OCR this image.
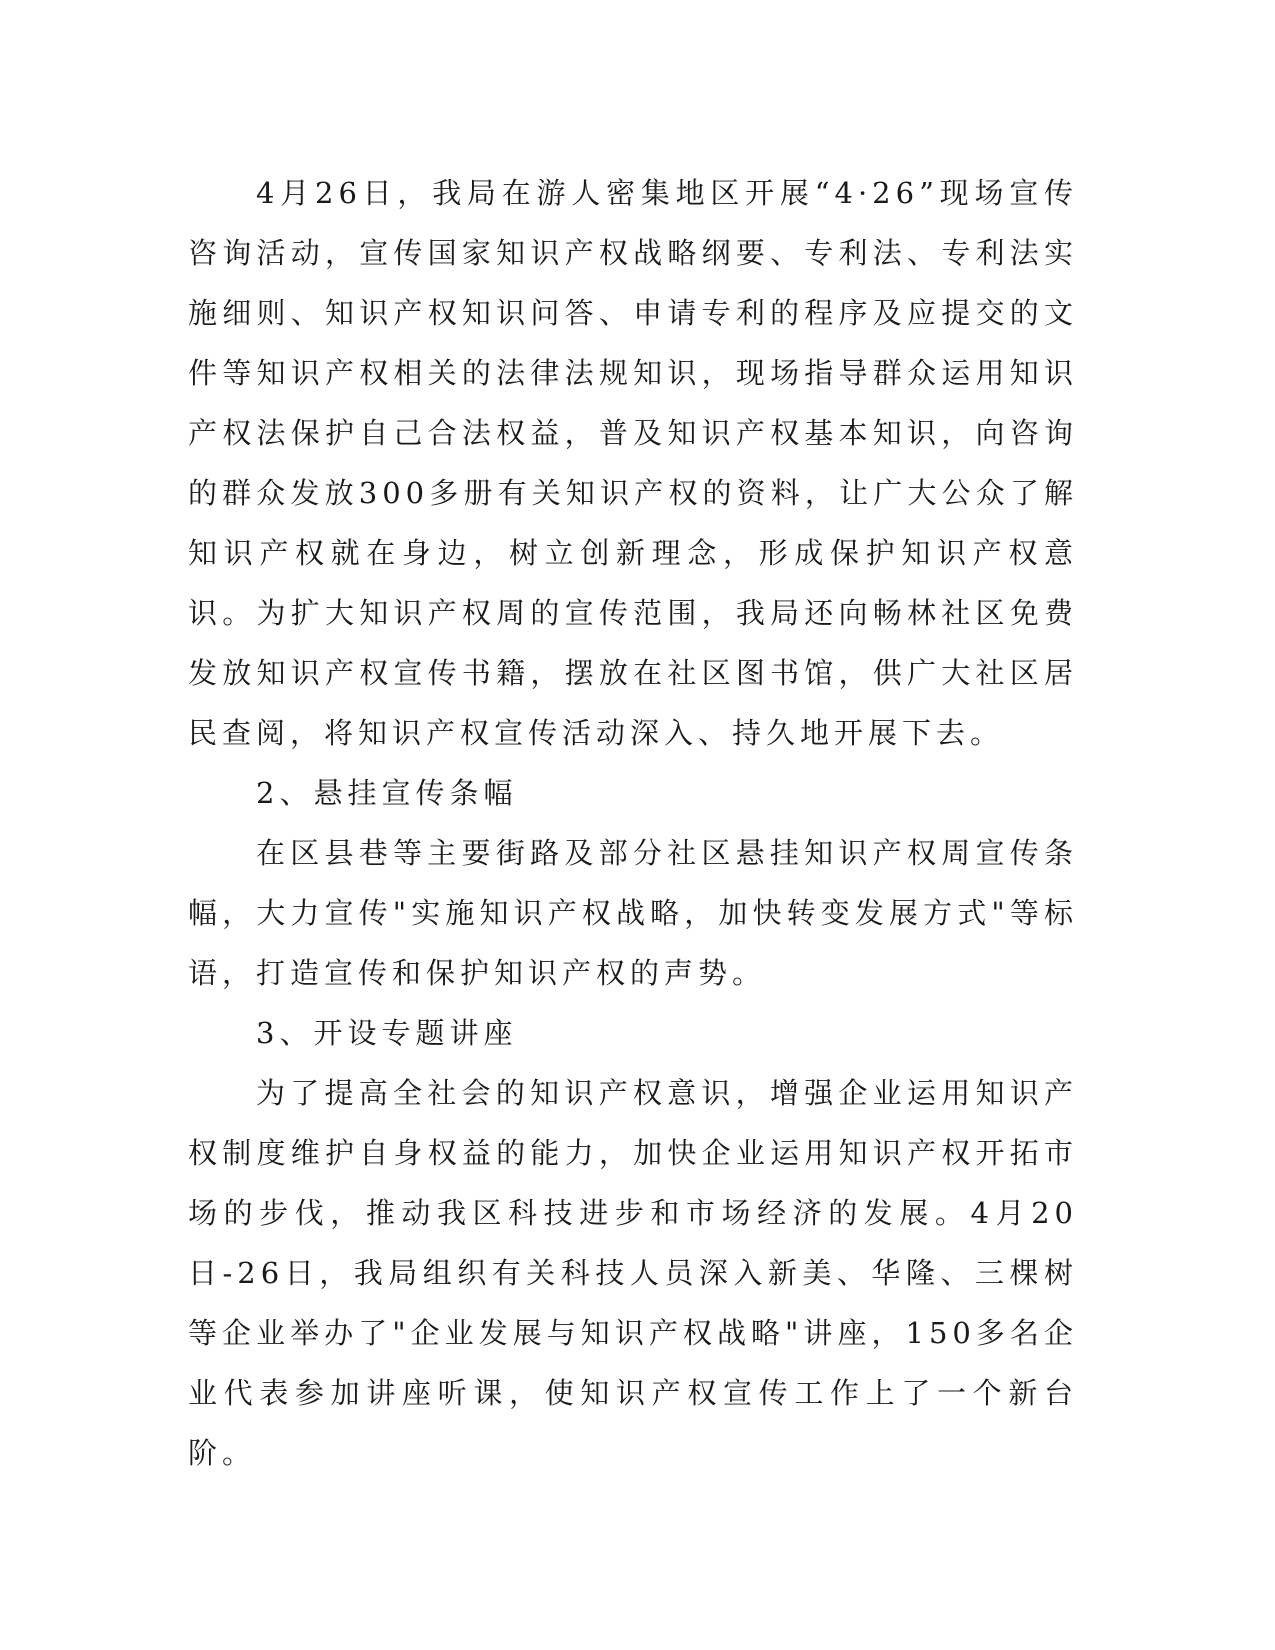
4月26日，我局在游人密集地区开展“4·26”现场宣传咨询活动，宣传国家知识产权战略纲要、专利法、专利法实施细则、知识产权知识问答、申请专利的程序及应提交的文件等知识产权相关的法律法规知识，现场指导群众运用知识产权法保护自己合法权益，普及知识产权基本知识，向咨询的群众发放300多册有关知识产权的资料，让广大公众了解知识产权就在身边，树立创新理念，形成保护知识产权意识。为扩大知识产权周的宣传范围，我局还向畅林社区免费发放知识产权宣传书籍，摆放在社区图书馆，供广大社区居民查阅，将知识产权宣传活动深入、持久地开展下去。

2、悬挂宣传条幅

在区县巷等主要街路及部分社区悬挂知识产权周宣传条幅，大力宣传"实施知识产权战略，加快转变发展方式"等标语，打造宣传和保护知识产权的声势。

3、开设专题讲座

为了提高全社会的知识产权意识，增强企业运用知识产权制度维护自身权益的能力，加快企业运用知识产权开拓市场的步伐，推动我区科技进步和市场经济的发展。4月20日-26日，我局组织有关科技人员深入新美、华隆、三棵树等企业举办了"企业发展与知识产权战略"讲座，150多名企业代表参加讲座听课，使知识产权宣传工作上了一个新台阶。
